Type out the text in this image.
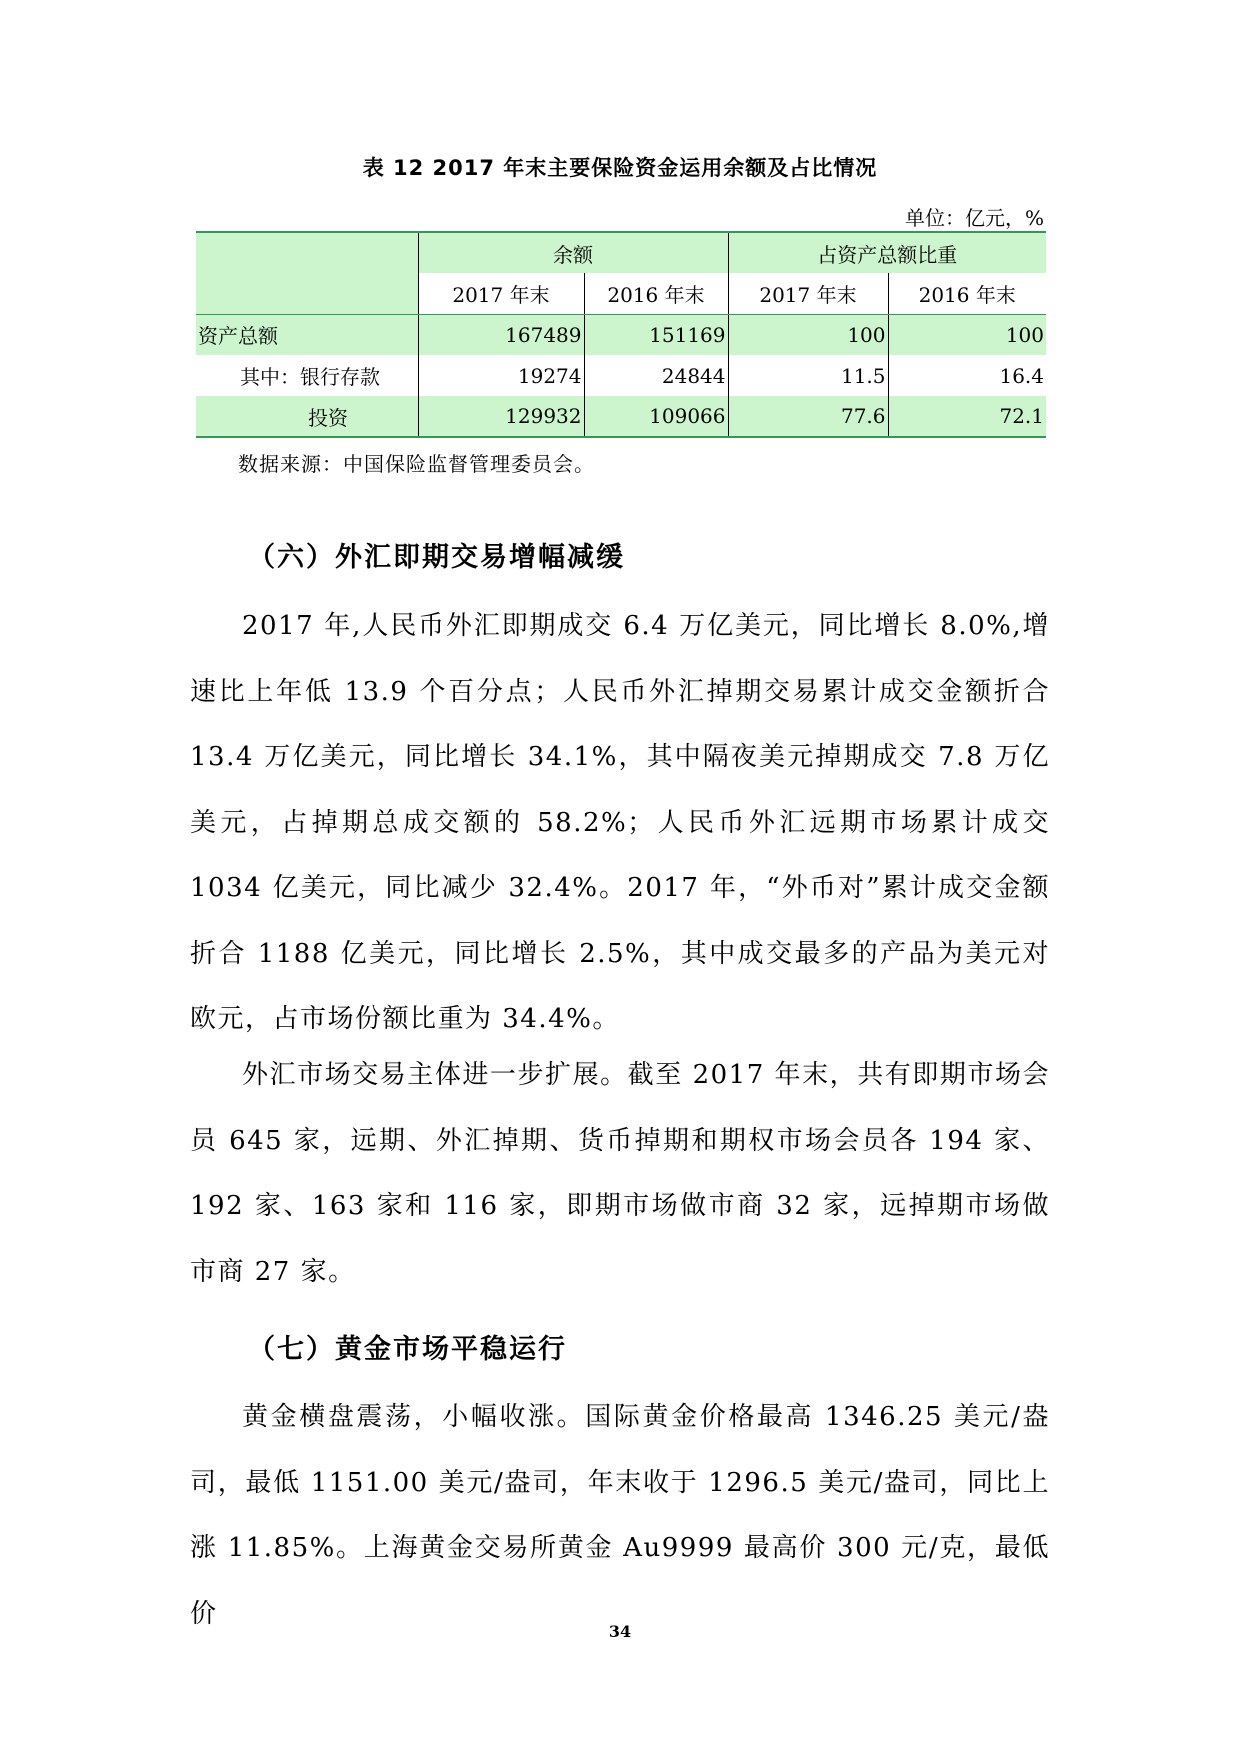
表 12 2017 年末主要保险资金运用余额及占比情况
单位：亿元，%
	余额		占资产总额比重	
	2017 年末	2016 年末	2017 年末	2016 年末
资产总额	167489	151169	100	100
其中：银行存款	19274	24844	11.5	16.4
投资	129932	109066	77.6	72.1
数据来源：中国保险监督管理委员会。
（六）外汇即期交易增幅减缓

2017 年,人民币外汇即期成交 6.4 万亿美元，同比增长 8.0%,增速比上年低 13.9 个百分点；人民币外汇掉期交易累计成交金额折合 13.4 万亿美元，同比增长 34.1%，其中隔夜美元掉期成交 7.8 万亿美元，占掉期总成交额的 58.2%；人民币外汇远期市场累计成交 1034 亿美元，同比减少 32.4%。2017 年，“外币对”累计成交金额折合 1188 亿美元，同比增长 2.5%，其中成交最多的产品为美元对欧元，占市场份额比重为 34.4%。

外汇市场交易主体进一步扩展。截至 2017 年末，共有即期市场会员 645 家，远期、外汇掉期、货币掉期和期权市场会员各 194 家、192 家、163 家和 116 家，即期市场做市商 32 家，远掉期市场做市商 27 家。

（七）黄金市场平稳运行

黄金横盘震荡，小幅收涨。国际黄金价格最高 1346.25 美元/盎司，最低 1151.00 美元/盎司，年末收于 1296.5 美元/盎司，同比上涨 11.85%。上海黄金交易所黄金 Au9999 最高价 300 元/克，最低价

34
